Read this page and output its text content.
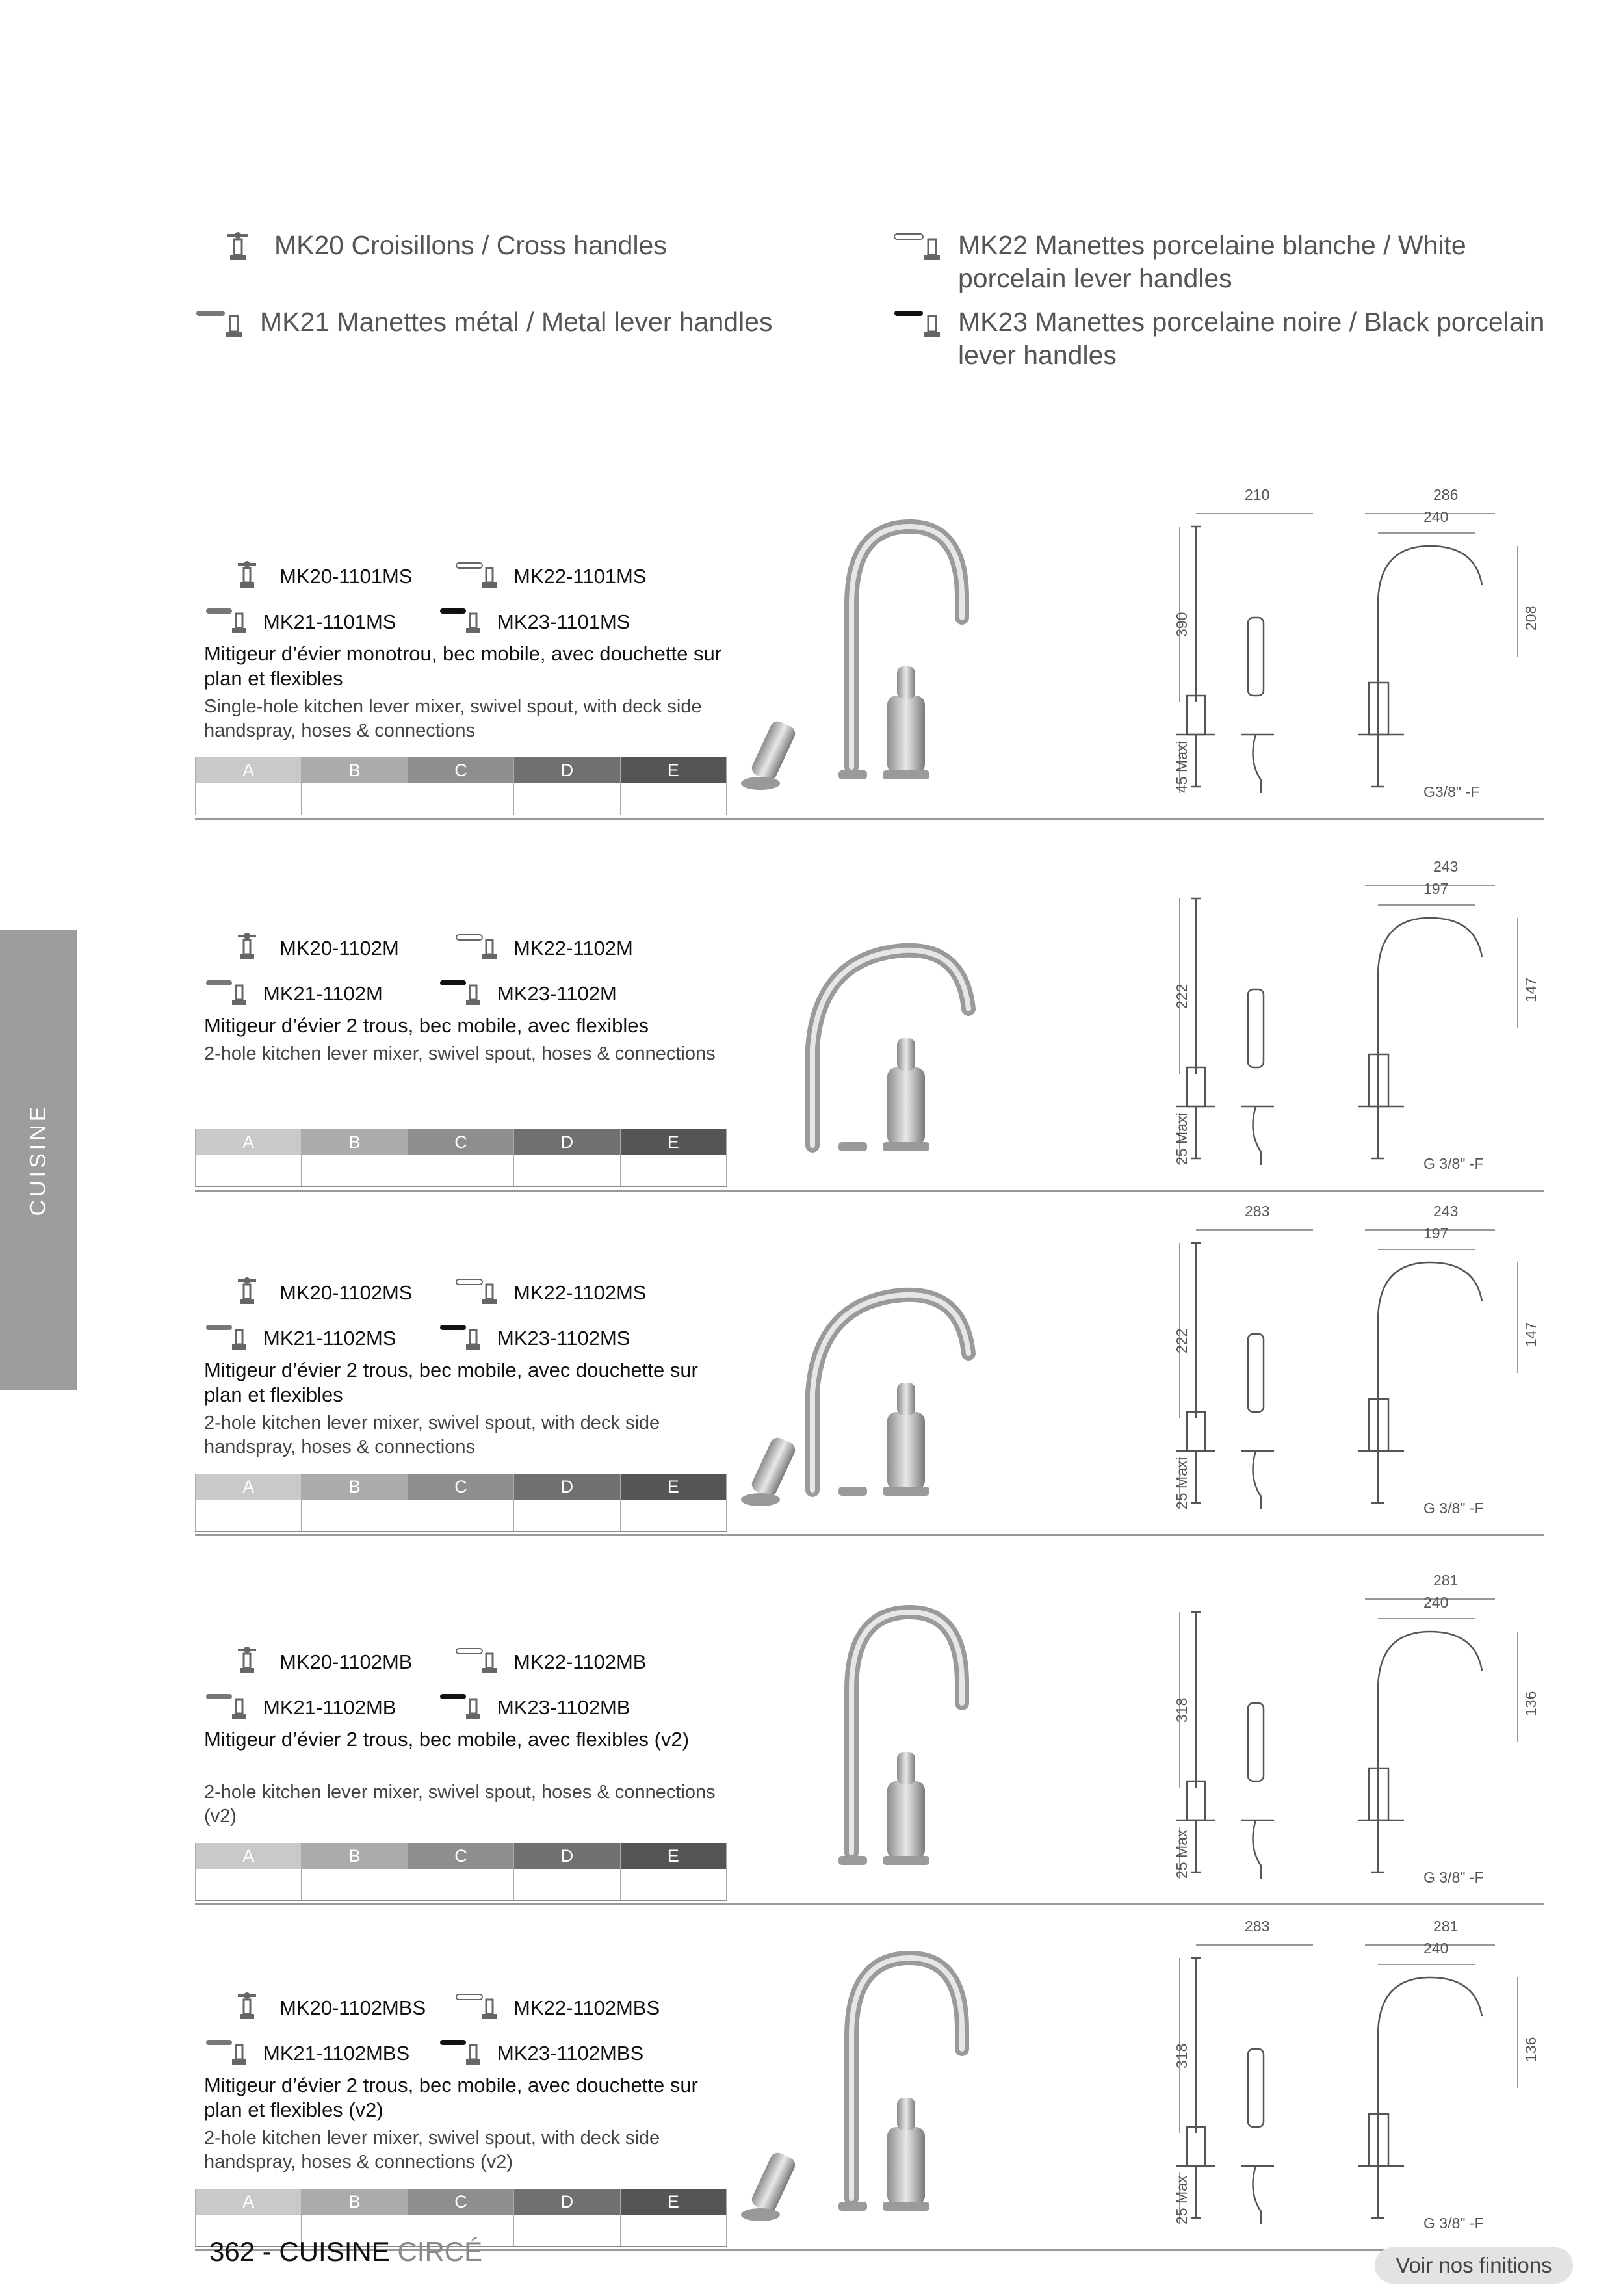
MK20 Croisillons / Cross handles
MK21 Manettes métal / Metal lever handles
MK22 Manettes porcelaine blanche / White porcelain lever handles
MK23 Manettes porcelaine noire / Black porcelain lever handles
CUISINE
MK20-1101MS	MK22-1101MS
MK21-1101MS	MK23-1101MS
Mitigeur d’évier monotrou, bec mobile, avec douchette sur plan et flexibles
Single-hole kitchen lever mixer, swivel spout, with deck side handspray, hoses & connections
A	B	C	D	E

210
390
45 Maxi
286
240
208
G3/8" -F
MK20-1102M	MK22-1102M
MK21-1102M	MK23-1102M
Mitigeur d’évier 2 trous, bec mobile, avec flexibles
2-hole kitchen lever mixer, swivel spout, hoses & connections
A	B	C	D	E

222
25 Maxi
243
197
147
G 3/8" -F
MK20-1102MS	MK22-1102MS
MK21-1102MS	MK23-1102MS
Mitigeur d’évier 2 trous, bec mobile, avec douchette sur plan et flexibles
2-hole kitchen lever mixer, swivel spout, with deck side handspray, hoses & connections
A	B	C	D	E

283
222
25 Maxi
243
197
147
G 3/8" -F
MK20-1102MB	MK22-1102MB
MK21-1102MB	MK23-1102MB
Mitigeur d’évier 2 trous, bec mobile, avec flexibles (v2)
2-hole kitchen lever mixer, swivel spout, hoses & connections (v2)
A	B	C	D	E

318
25 Max
281
240
136
G 3/8" -F
MK20-1102MBS	MK22-1102MBS
MK21-1102MBS	MK23-1102MBS
Mitigeur d’évier 2 trous, bec mobile, avec douchette sur plan et flexibles (v2)
2-hole kitchen lever mixer, swivel spout, with deck side handspray, hoses & connections (v2)
A	B	C	D	E

283
318
25 Max
281
240
136
G 3/8" -F
362 - CUISINE CIRCÉ	Voir nos finitions
